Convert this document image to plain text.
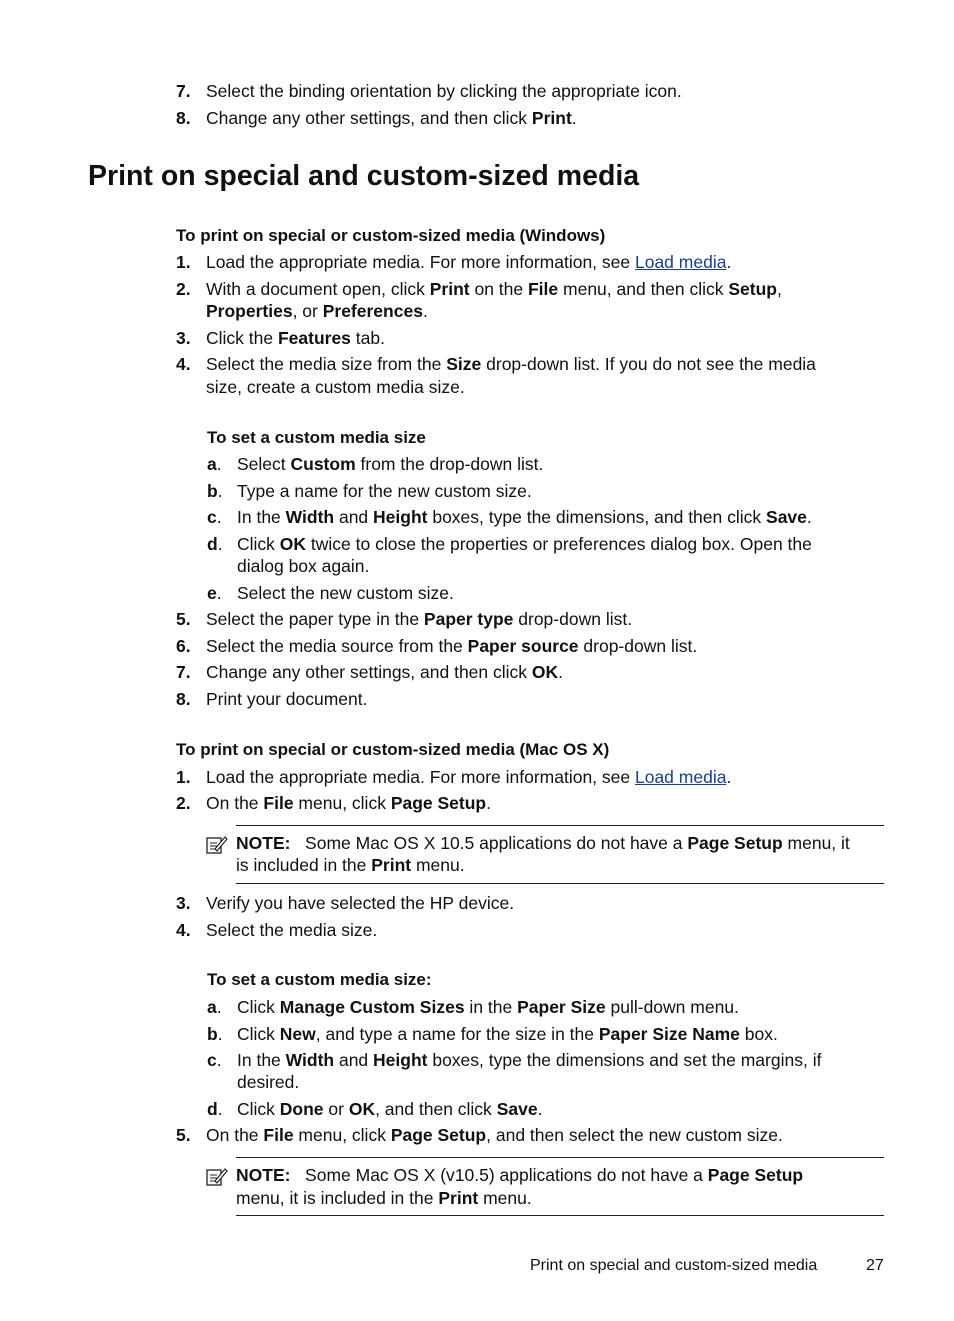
7. Select the binding orientation by clicking the appropriate icon.
8. Change any other settings, and then click Print.
Print on special and custom-sized media
To print on special or custom-sized media (Windows)
1. Load the appropriate media. For more information, see Load media.
2. With a document open, click Print on the File menu, and then click Setup,
Properties, or Preferences.
3. Click the Features tab.
4. Select the media size from the Size drop-down list. If you do not see the media
size, create a custom media size.
To set a custom media size
a. Select Custom from the drop-down list.
b. Type a name for the new custom size.
c. In the Width and Height boxes, type the dimensions, and then click Save.
d. Click OK twice to close the properties or preferences dialog box. Open the
dialog box again.
e. Select the new custom size.
5. Select the paper type in the Paper type drop-down list.
6. Select the media source from the Paper source drop-down list.
7. Change any other settings, and then click OK.
8. Print your document.
To print on special or custom-sized media (Mac OS X)
1. Load the appropriate media. For more information, see Load media.
2. On the File menu, click Page Setup.
NOTE: Some Mac OS X 10.5 applications do not have a Page Setup menu, it
is included in the Print menu.
3. Verify you have selected the HP device.
4. Select the media size.
To set a custom media size:
a. Click Manage Custom Sizes in the Paper Size pull-down menu.
b. Click New, and type a name for the size in the Paper Size Name box.
c. In the Width and Height boxes, type the dimensions and set the margins, if
desired.
d. Click Done or OK, and then click Save.
5. On the File menu, click Page Setup, and then select the new custom size.
NOTE: Some Mac OS X (v10.5) applications do not have a Page Setup
menu, it is included in the Print menu.
Print on special and custom-sized media	27
